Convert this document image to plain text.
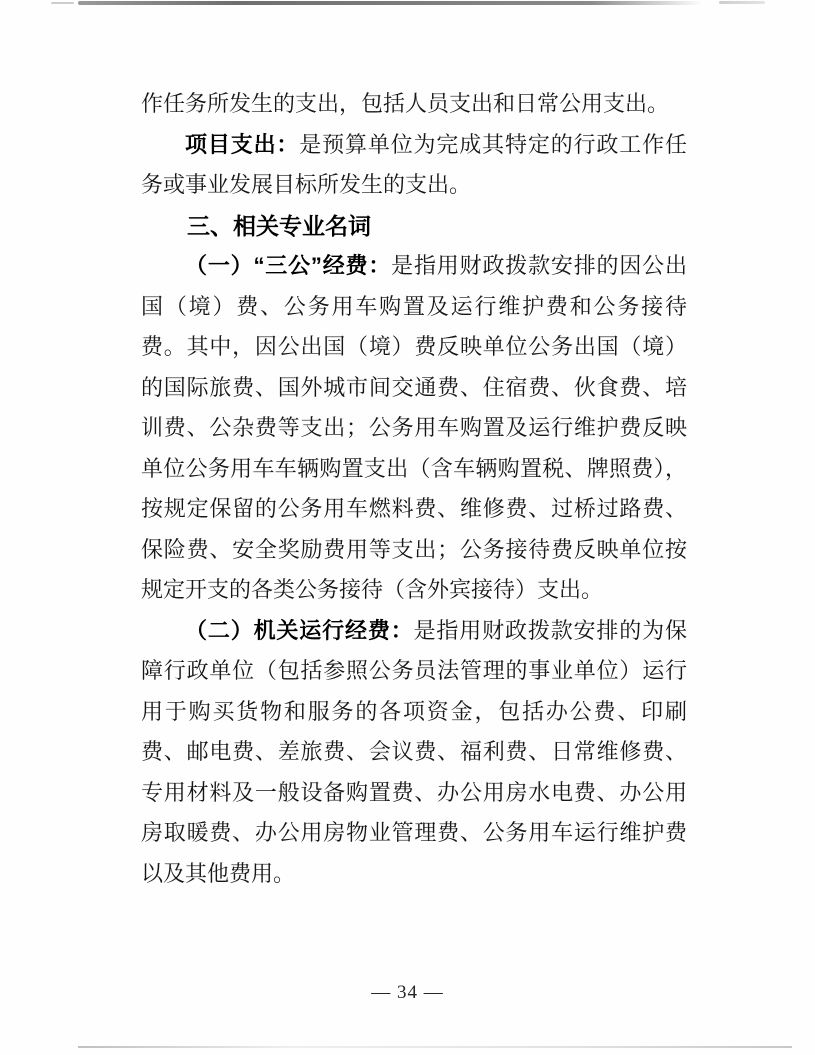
作任务所发生的支出，包括人员支出和日常公用支出。

项目支出：是预算单位为完成其特定的行政工作任务或事业发展目标所发生的支出。

三、相关专业名词

（一）“三公”经费：是指用财政拨款安排的因公出国（境）费、公务用车购置及运行维护费和公务接待费。其中，因公出国（境）费反映单位公务出国（境）的国际旅费、国外城市间交通费、住宿费、伙食费、培训费、公杂费等支出；公务用车购置及运行维护费反映单位公务用车车辆购置支出（含车辆购置税、牌照费），按规定保留的公务用车燃料费、维修费、过桥过路费、保险费、安全奖励费用等支出；公务接待费反映单位按规定开支的各类公务接待（含外宾接待）支出。

（二）机关运行经费：是指用财政拨款安排的为保障行政单位（包括参照公务员法管理的事业单位）运行用于购买货物和服务的各项资金，包括办公费、印刷费、邮电费、差旅费、会议费、福利费、日常维修费、专用材料及一般设备购置费、办公用房水电费、办公用房取暖费、办公用房物业管理费、公务用车运行维护费以及其他费用。

— 34 —
